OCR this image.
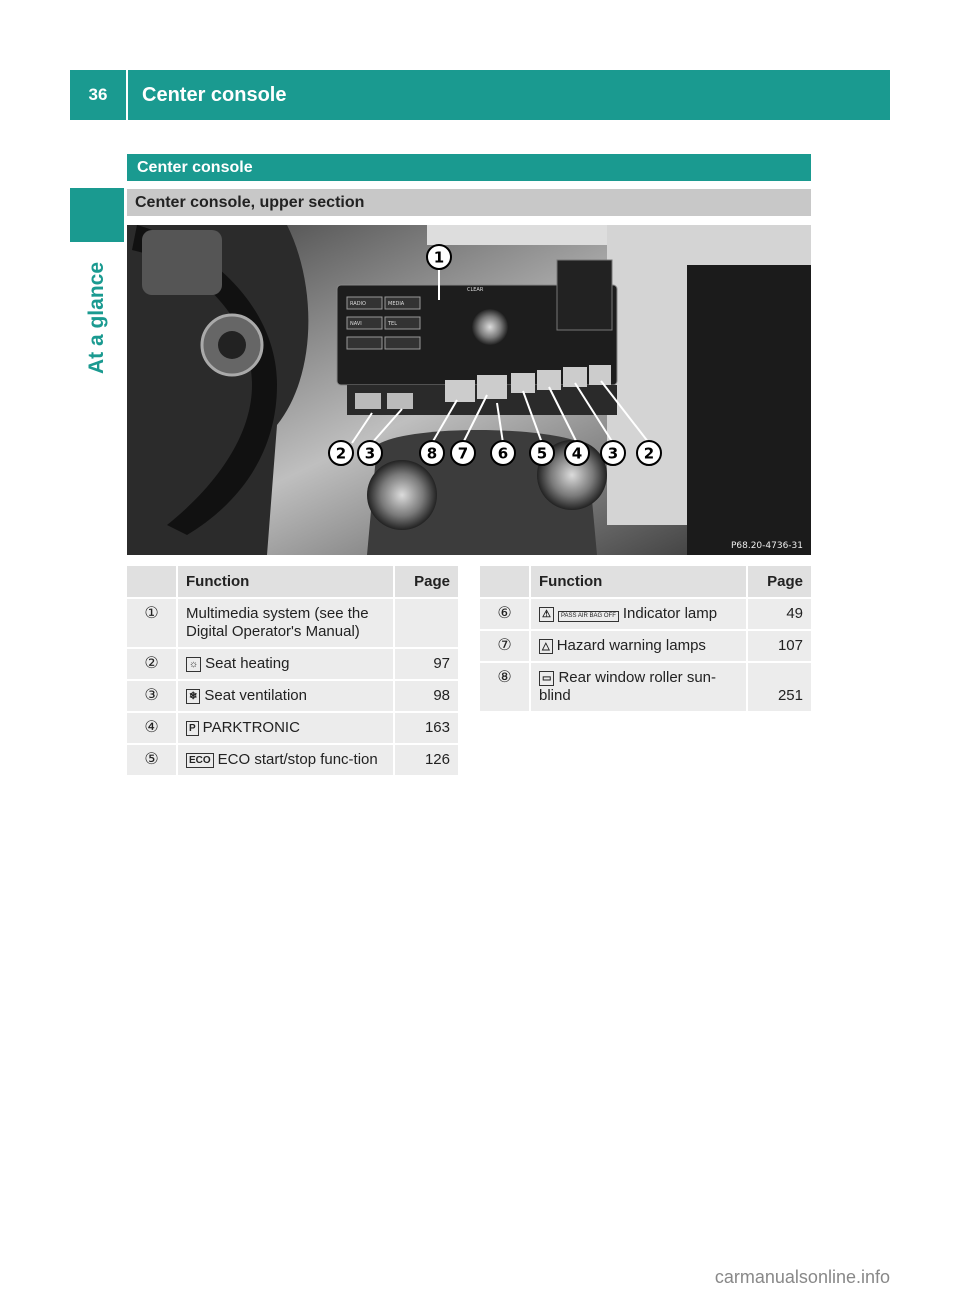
36	Center console
At a glance
Center console
Center console, upper section
1
2 3	8 7 6 5 4 3 2
RADIO	MEDIA
NAVI	TEL
CLEAR
P68.20-4736-31
	Function	Page
①	Multimedia system (see the Digital Operator's Manual)	
②	☼ Seat heating	97
③	❄ Seat ventilation	98
④	P PARKTRONIC	163
⑤	ECO ECO start/stop func-tion	126
	Function	Page
⑥	⚠ PASS AIR BAG OFF Indicator lamp	49
⑦	△ Hazard warning lamps	107
⑧	▭ Rear window roller sun-blind	251
carmanualsonline.info
